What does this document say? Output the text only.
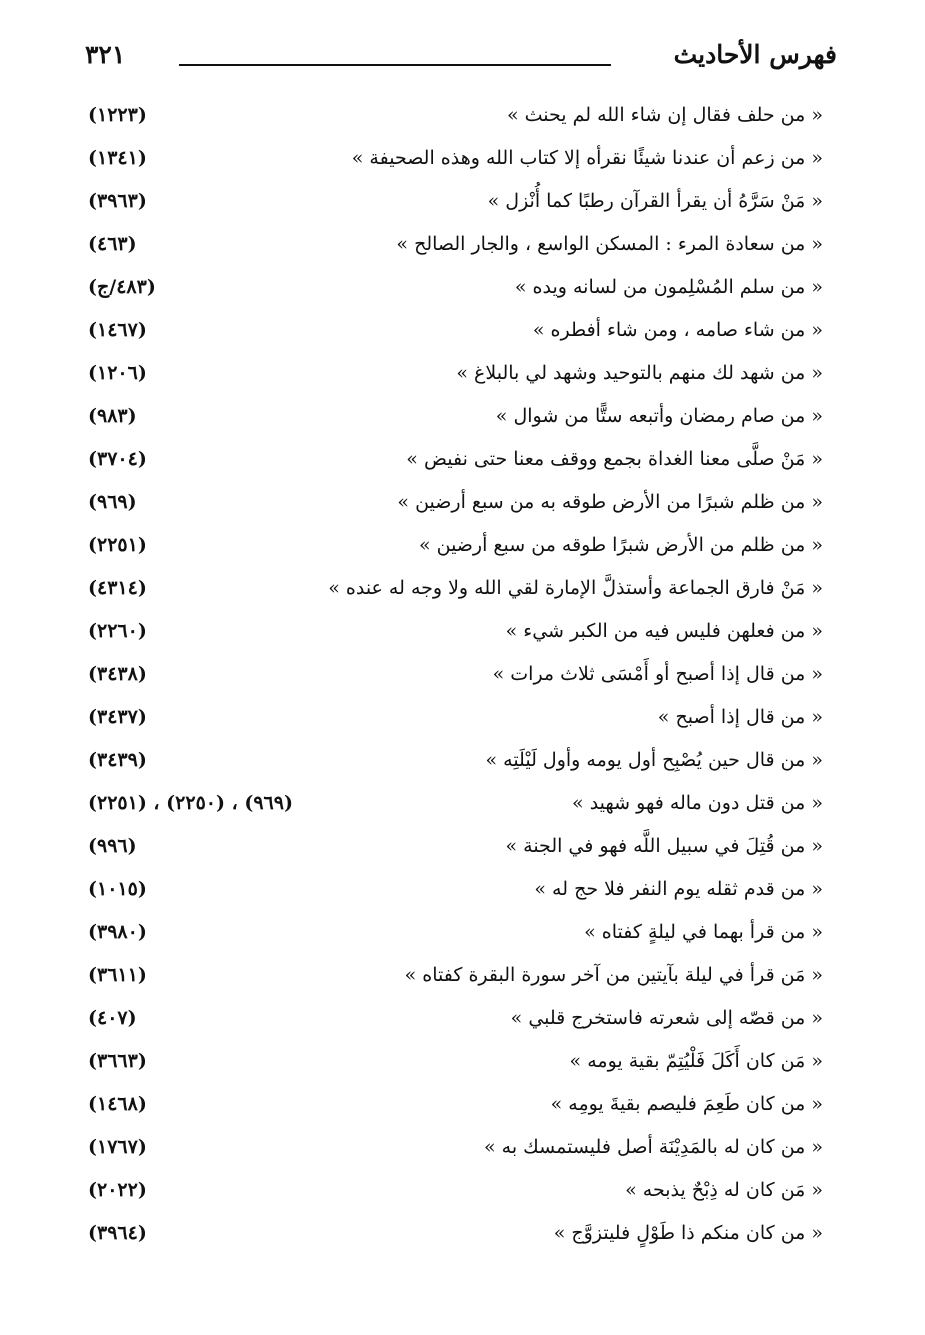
٣٢١	فهرس الأحاديث
« من حلف فقال إن شاء الله لم يحنث »
(١٢٢٣)
« من زعم أن عندنا شيئًا نقرأه إلا كتاب الله وهذه الصحيفة »
(١٣٤١)
« مَنْ سَرَّهُ أن يقرأ القرآن رطبًا كما أُنْزل »
(٣٩٦٣)
« من سعادة المرء : المسكن الواسع ، والجار الصالح »
(٤٦٣)
« من سلم المُسْلِمون من لسانه ويده »
(٤٨٣/ج)
« من شاء صامه ، ومن شاء أفطره »
(١٤٦٧)
« من شهد لك منهم بالتوحيد وشهد لي بالبلاغ »
(١٢٠٦)
« من صام رمضان وأتبعه ستًّا من شوال »
(٩٨٣)
« مَنْ صلَّى معنا الغداة بجمع ووقف معنا حتى نفيض »
(٣٧٠٤)
« من ظلم شبرًا من الأرض طوقه به من سبع أرضين »
(٩٦٩)
« من ظلم من الأرض شبرًا طوقه من سبع أرضين »
(٢٢٥١)
« مَنْ فارق الجماعة وأستذلَّ الإمارة لقي الله ولا وجه له عنده »
(٤٣١٤)
« من فعلهن فليس فيه من الكبر شيء »
(٢٢٦٠)
« من قال إذا أصبح أو أَمْسَى ثلاث مرات »
(٣٤٣٨)
« من قال إذا أصبح »
(٣٤٣٧)
« من قال حين يُصْبِح أول يومه وأول لَيْلَتِه »
(٣٤٣٩)
« من قتل دون ماله فهو شهيد »
(٩٦٩) ، (٢٢٥٠) ، (٢٢٥١)
« من قُتِلَ في سبيل اللَّه فهو في الجنة »
(٩٩٦)
« من قدم ثقله يوم النفر فلا حج له »
(١٠١٥)
« من قرأ بهما في ليلةٍ كفتاه »
(٣٩٨٠)
« مَن قرأ في ليلة بآيتين من آخر سورة البقرة كفتاه »
(٣٦١١)
« من قصّه إلى شعرته فاستخرج قلبي »
(٤٠٧)
« مَن كان أَكَلَ فَلْيُتِمّ بقية يومه »
(٣٦٦٣)
« من كان طَعِمَ فليصم بقيةَ يومِه »
(١٤٦٨)
« من كان له بالمَدِيْنَة أصل فليستمسك به »
(١٧٦٧)
« مَن كان له ذِبْحٌ يذبحه »
(٢٠٢٢)
« من كان منكم ذا طَوْلٍ فليتزوَّج »
(٣٩٦٤)
